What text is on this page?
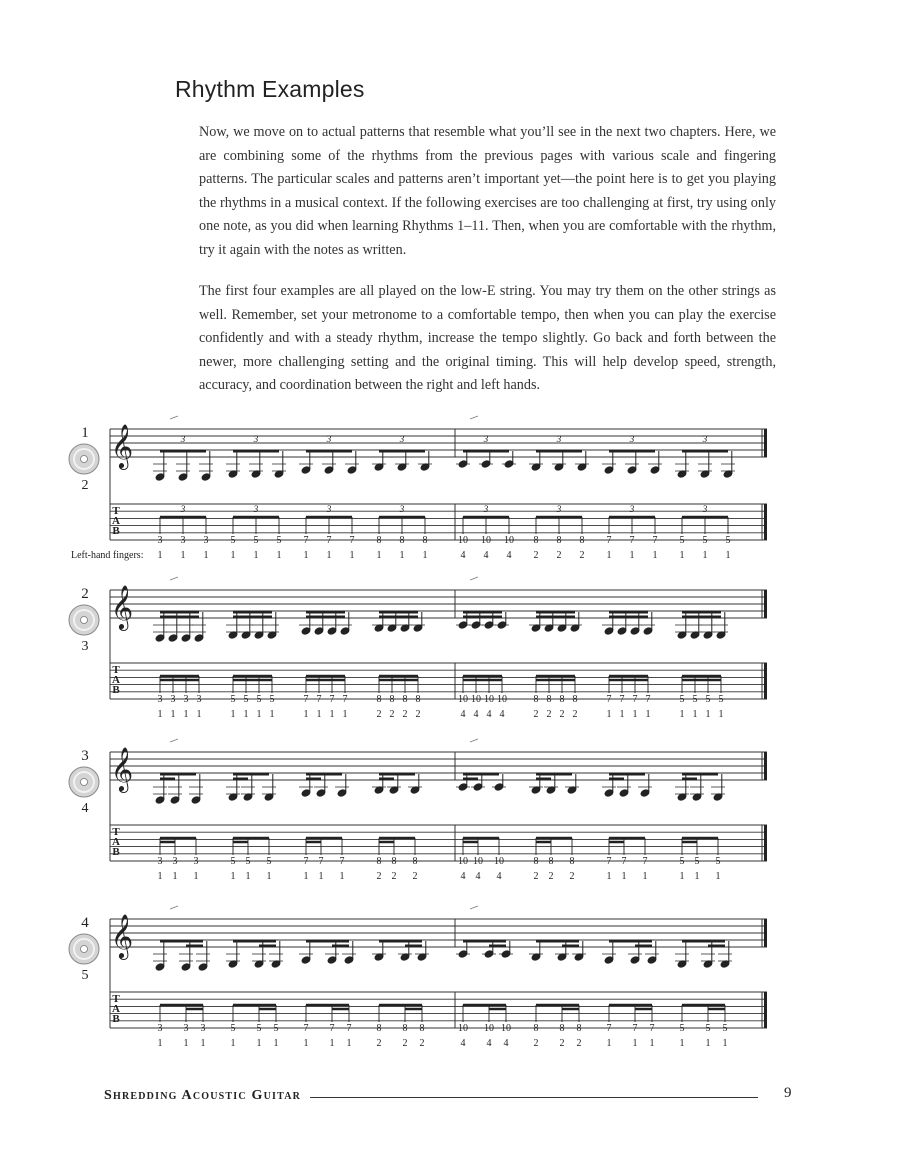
Rhythm Examples

Now, we move on to actual patterns that resemble what you’ll see in the next two chapters. Here, we are combining some of the rhythms from the previous pages with various scale and fingering patterns. The particular scales and patterns aren’t important yet—the point here is to get you playing the rhythms in a musical context. If the following exercises are too challenging at first, try using only one note, as you did when learning Rhythms 1–11. Then, when you are comfortable with the rhythm, try it again with the notes as written.

The first four examples are all played on the low-E string. You may try them on the other strings as well. Remember, set your metronome to a comfortable tempo, then when you can play the exercise confidently and with a steady rhythm, increase the tempo slightly. Go back and forth between the newer, more challenging setting and the original timing. This will help develop speed, strength, accuracy, and coordination between the right and left hands.

𝄞
T
A
B
1
2
Left-hand fingers:
3
3
3
3
3
3
3
3
3
3
3
3
3
3
3
3
3
1
3
1
3
1
5
1
5
1
5
1
7
1
7
1
7
1
8
1
8
1
8
1
10
4
10
4
10
4
8
2
8
2
8
2
7
1
7
1
7
1
5
1
5
1
5
1
𝄞
T
A
B
2
3
3
1
3
1
3
1
3
1
5
1
5
1
5
1
5
1
7
1
7
1
7
1
7
1
8
2
8
2
8
2
8
2
10
4
10
4
10
4
10
4
8
2
8
2
8
2
8
2
7
1
7
1
7
1
7
1
5
1
5
1
5
1
5
1
𝄞
T
A
B
3
4
3
1
3
1
3
1
5
1
5
1
5
1
7
1
7
1
7
1
8
2
8
2
8
2
10
4
10
4
10
4
8
2
8
2
8
2
7
1
7
1
7
1
5
1
5
1
5
1
𝄞
T
A
B
4
5
3
1
3
1
3
1
5
1
5
1
5
1
7
1
7
1
7
1
8
2
8
2
8
2
10
4
10
4
10
4
8
2
8
2
8
2
7
1
7
1
7
1
5
1
5
1
5
1

Shredding Acoustic Guitar	9
